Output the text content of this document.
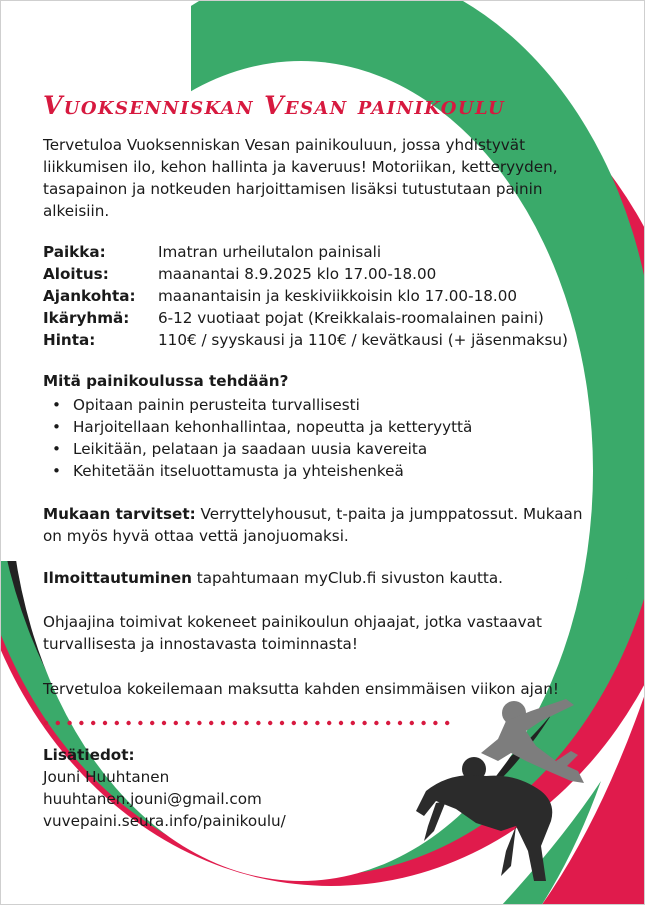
Vuoksenniskan Vesan painikoulu

Tervetuloa Vuoksenniskan Vesan painikouluun, jossa yhdistyvät liikkumisen ilo, kehon hallinta ja kaveruus! Motoriikan, ketteryyden, tasapainon ja notkeuden harjoittamisen lisäksi tutustutaan painin alkeisiin.

Paikka:	Imatran urheilutalon painisali
Aloitus:	maanantai 8.9.2025 klo 17.00-18.00
Ajankohta:	maanantaisin ja keskiviikkoisin klo 17.00-18.00
Ikäryhmä:	6-12 vuotiaat pojat (Kreikkalais-roomalainen paini)
Hinta:	110€ / syyskausi ja 110€ / kevätkausi (+ jäsenmaksu)
Mitä painikoulussa tehdään?
• Opitaan painin perusteita turvallisesti
• Harjoitellaan kehonhallintaa, nopeutta ja ketteryyttä
• Leikitään, pelataan ja saadaan uusia kavereita
• Kehitetään itseluottamusta ja yhteishenkeä

Mukaan tarvitset: Verryttelyhousut, t-paita ja jumppatossut. Mukaan on myös hyvä ottaa vettä janojuomaksi.

Ilmoittautuminen tapahtumaan myClub.fi sivuston kautta.

Ohjaajina toimivat kokeneet painikoulun ohjaajat, jotka vastaavat turvallisesta ja innostavasta toiminnasta!

Tervetuloa kokeilemaan maksutta kahden ensimmäisen viikon ajan!

Lisätiedot:
Jouni Huuhtanen
huuhtanen.jouni@gmail.com
vuvepaini.seura.info/painikoulu/
